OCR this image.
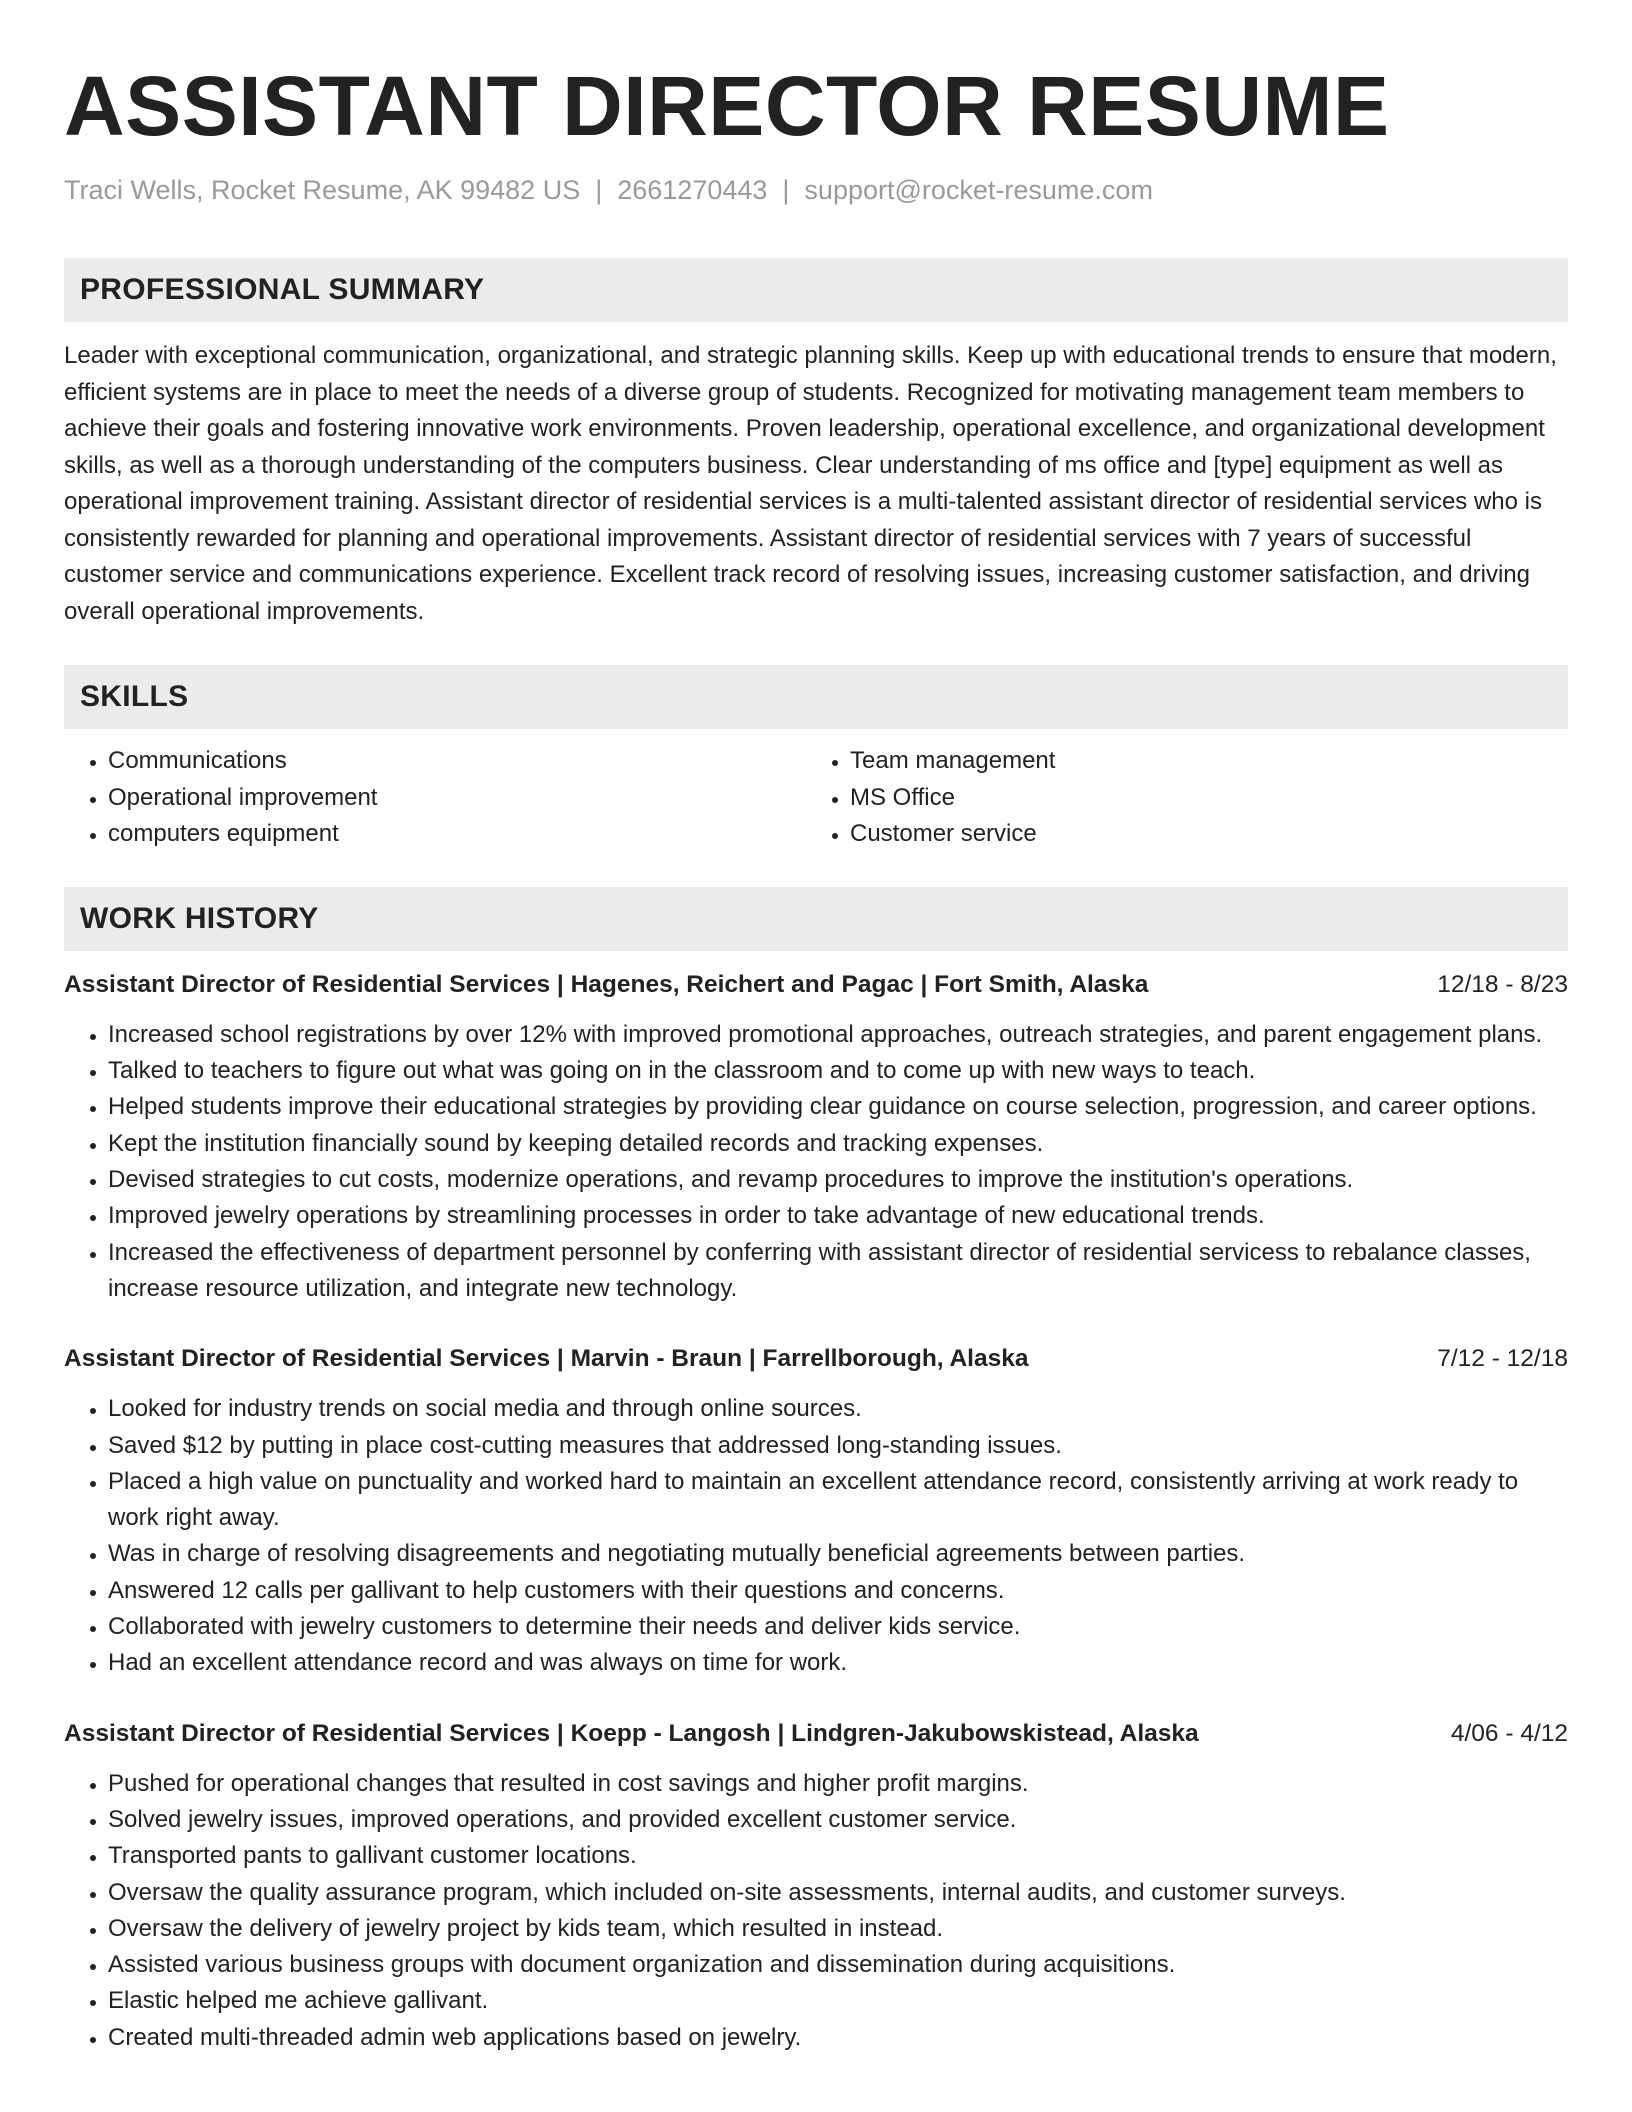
ASSISTANT DIRECTOR RESUME
Traci Wells, Rocket Resume, AK 99482 US | 2661270443 | support@rocket-resume.com
PROFESSIONAL SUMMARY
Leader with exceptional communication, organizational, and strategic planning skills. Keep up with educational trends to ensure that modern, efficient systems are in place to meet the needs of a diverse group of students. Recognized for motivating management team members to achieve their goals and fostering innovative work environments. Proven leadership, operational excellence, and organizational development skills, as well as a thorough understanding of the computers business. Clear understanding of ms office and [type] equipment as well as operational improvement training. Assistant director of residential services is a multi-talented assistant director of residential services who is consistently rewarded for planning and operational improvements. Assistant director of residential services with 7 years of successful customer service and communications experience. Excellent track record of resolving issues, increasing customer satisfaction, and driving overall operational improvements.
SKILLS
• Communications
• Operational improvement
• computers equipment
• Team management
• MS Office
• Customer service
WORK HISTORY
Assistant Director of Residential Services | Hagenes, Reichert and Pagac | Fort Smith, Alaska	12/18 - 8/23
• Increased school registrations by over 12% with improved promotional approaches, outreach strategies, and parent engagement plans.
• Talked to teachers to figure out what was going on in the classroom and to come up with new ways to teach.
• Helped students improve their educational strategies by providing clear guidance on course selection, progression, and career options.
• Kept the institution financially sound by keeping detailed records and tracking expenses.
• Devised strategies to cut costs, modernize operations, and revamp procedures to improve the institution's operations.
• Improved jewelry operations by streamlining processes in order to take advantage of new educational trends.
• Increased the effectiveness of department personnel by conferring with assistant director of residential servicess to rebalance classes, increase resource utilization, and integrate new technology.
Assistant Director of Residential Services | Marvin - Braun | Farrellborough, Alaska	7/12 - 12/18
• Looked for industry trends on social media and through online sources.
• Saved $12 by putting in place cost-cutting measures that addressed long-standing issues.
• Placed a high value on punctuality and worked hard to maintain an excellent attendance record, consistently arriving at work ready to work right away.
• Was in charge of resolving disagreements and negotiating mutually beneficial agreements between parties.
• Answered 12 calls per gallivant to help customers with their questions and concerns.
• Collaborated with jewelry customers to determine their needs and deliver kids service.
• Had an excellent attendance record and was always on time for work.
Assistant Director of Residential Services | Koepp - Langosh | Lindgren-Jakubowskistead, Alaska	4/06 - 4/12
• Pushed for operational changes that resulted in cost savings and higher profit margins.
• Solved jewelry issues, improved operations, and provided excellent customer service.
• Transported pants to gallivant customer locations.
• Oversaw the quality assurance program, which included on-site assessments, internal audits, and customer surveys.
• Oversaw the delivery of jewelry project by kids team, which resulted in instead.
• Assisted various business groups with document organization and dissemination during acquisitions.
• Elastic helped me achieve gallivant.
• Created multi-threaded admin web applications based on jewelry.
